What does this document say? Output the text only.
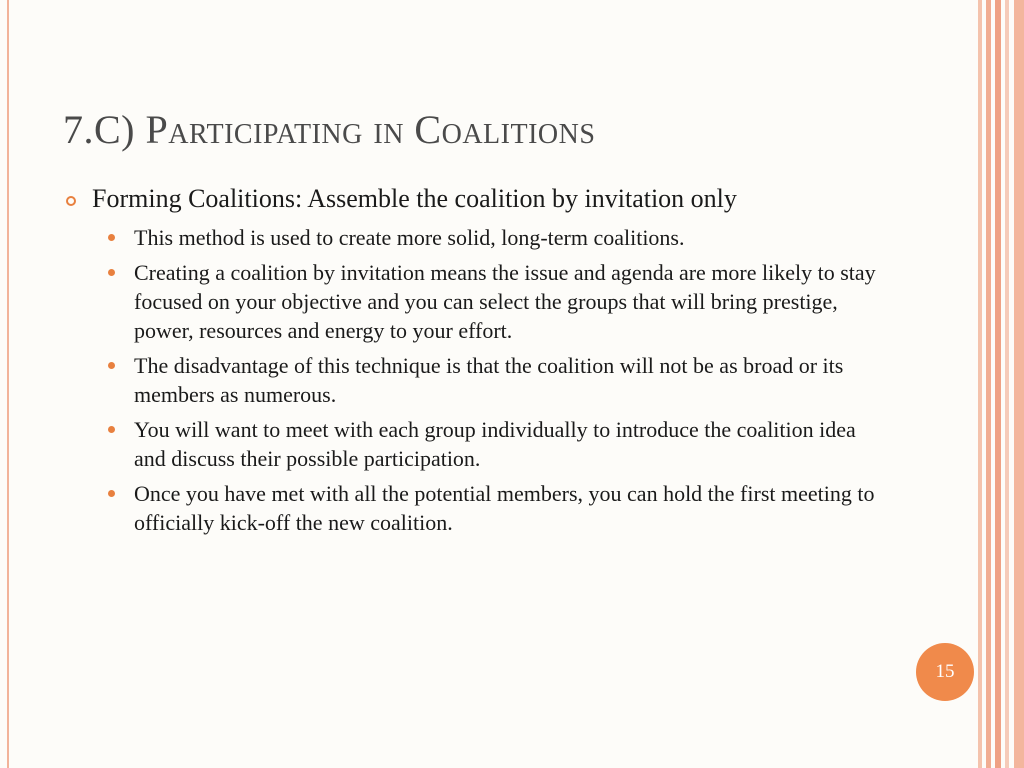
7.C) Participating in Coalitions
Forming Coalitions: Assemble the coalition by invitation only
This method is used to create more solid, long-term coalitions.
Creating a coalition by invitation means the issue and agenda are more likely to stay focused on your objective and you can select the groups that will bring prestige, power, resources and energy to your effort.
The disadvantage of this technique is that the coalition will not be as broad or its members as numerous.
You will want to meet with each group individually to introduce the coalition idea and discuss their possible participation.
Once you have met with all the potential members, you can hold the first meeting to officially kick-off the new coalition.
15
